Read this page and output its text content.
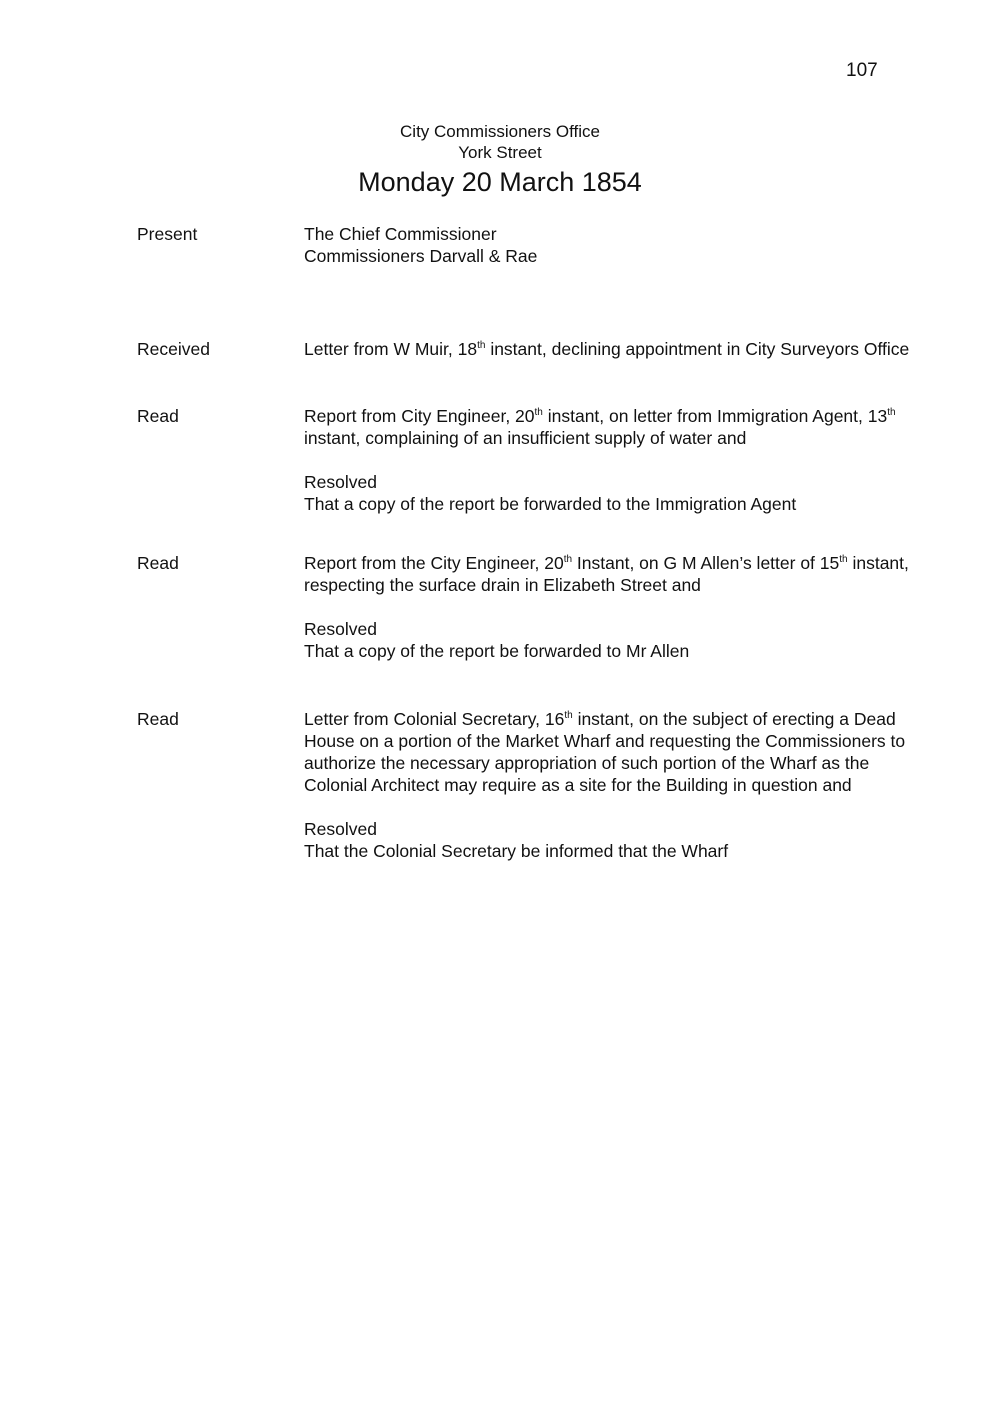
107
City Commissioners Office
York Street
Monday 20 March 1854
Present	The Chief Commissioner

Commissioners Darvall & Rae

Received	Letter from W Muir, 18th instant, declining appointment in City Surveyors Office

Read	Report from City Engineer, 20th instant, on letter from Immigration Agent, 13th instant, complaining of an insufficient supply of water and

Resolved

That a copy of the report be forwarded to the Immigration Agent

Read	Report from the City Engineer, 20th Instant, on G M Allen’s letter of 15th instant, respecting the surface drain in Elizabeth Street and

Resolved

That a copy of the report be forwarded to Mr Allen

Read	Letter from Colonial Secretary, 16th instant, on the subject of erecting a Dead House on a portion of the Market Wharf and requesting the Commissioners to authorize the necessary appropriation of such portion of the Wharf as the Colonial Architect may require as a site for the Building in question and

Resolved

That the Colonial Secretary be informed that the Wharf
